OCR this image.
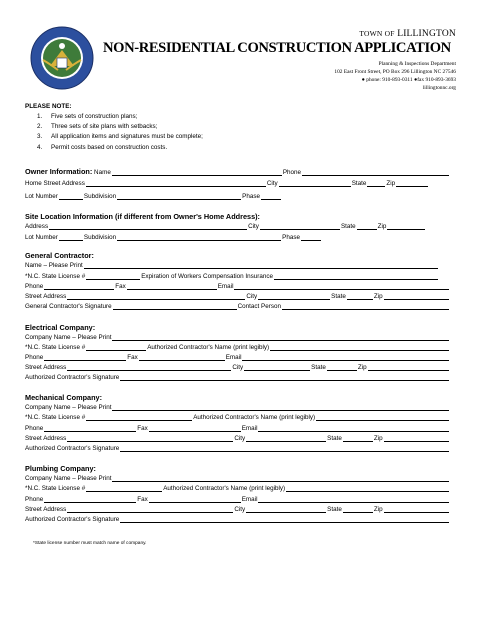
TOWN OF LILLINGTON
NON-RESIDENTIAL CONSTRUCTION APPLICATION
Planning & Inspections Department
102 East Front Street, PO Box 296 Lillington NC 27546
● phone: 910-893-0311 ●fax 910-893-3693
lillingtonnc.org
PLEASE NOTE:
1. Five sets of construction plans;
2. Three sets of site plans with setbacks;
3. All application items and signatures must be complete;
4. Permit costs based on construction costs.
Owner Information:
Name	Phone
Home Street Address	City	State	Zip
Lot Number	Subdivision	Phase
Site Location Information (if different from Owner's Home Address):
Address	City	State	Zip
Lot Number	Subdivision	Phase
General Contractor:
Name – Please Print
*N.C. State License #	Expiration of Workers Compensation Insurance
Phone	Fax	Email
Street Address	City	State	Zip
General Contractor's Signature	Contact Person
Electrical Company:
Company Name – Please Print
*N.C. State License #	Authorized Contractor's Name (print legibly)
Phone	Fax	Email
Street Address	City	State	Zip
Authorized Contractor's Signature
Mechanical Company:
Company Name – Please Print
*N.C. State License #	Authorized Contractor's Name (print legibly)
Phone	Fax	Email
Street Address	City	State	Zip
Authorized Contractor's Signature
Plumbing Company:
Company Name – Please Print
*N.C. State License #	Authorized Contractor's Name (print legibly)
Phone	Fax	Email
Street Address	City	State	Zip
Authorized Contractor's Signature
*State license number must match name of company.
